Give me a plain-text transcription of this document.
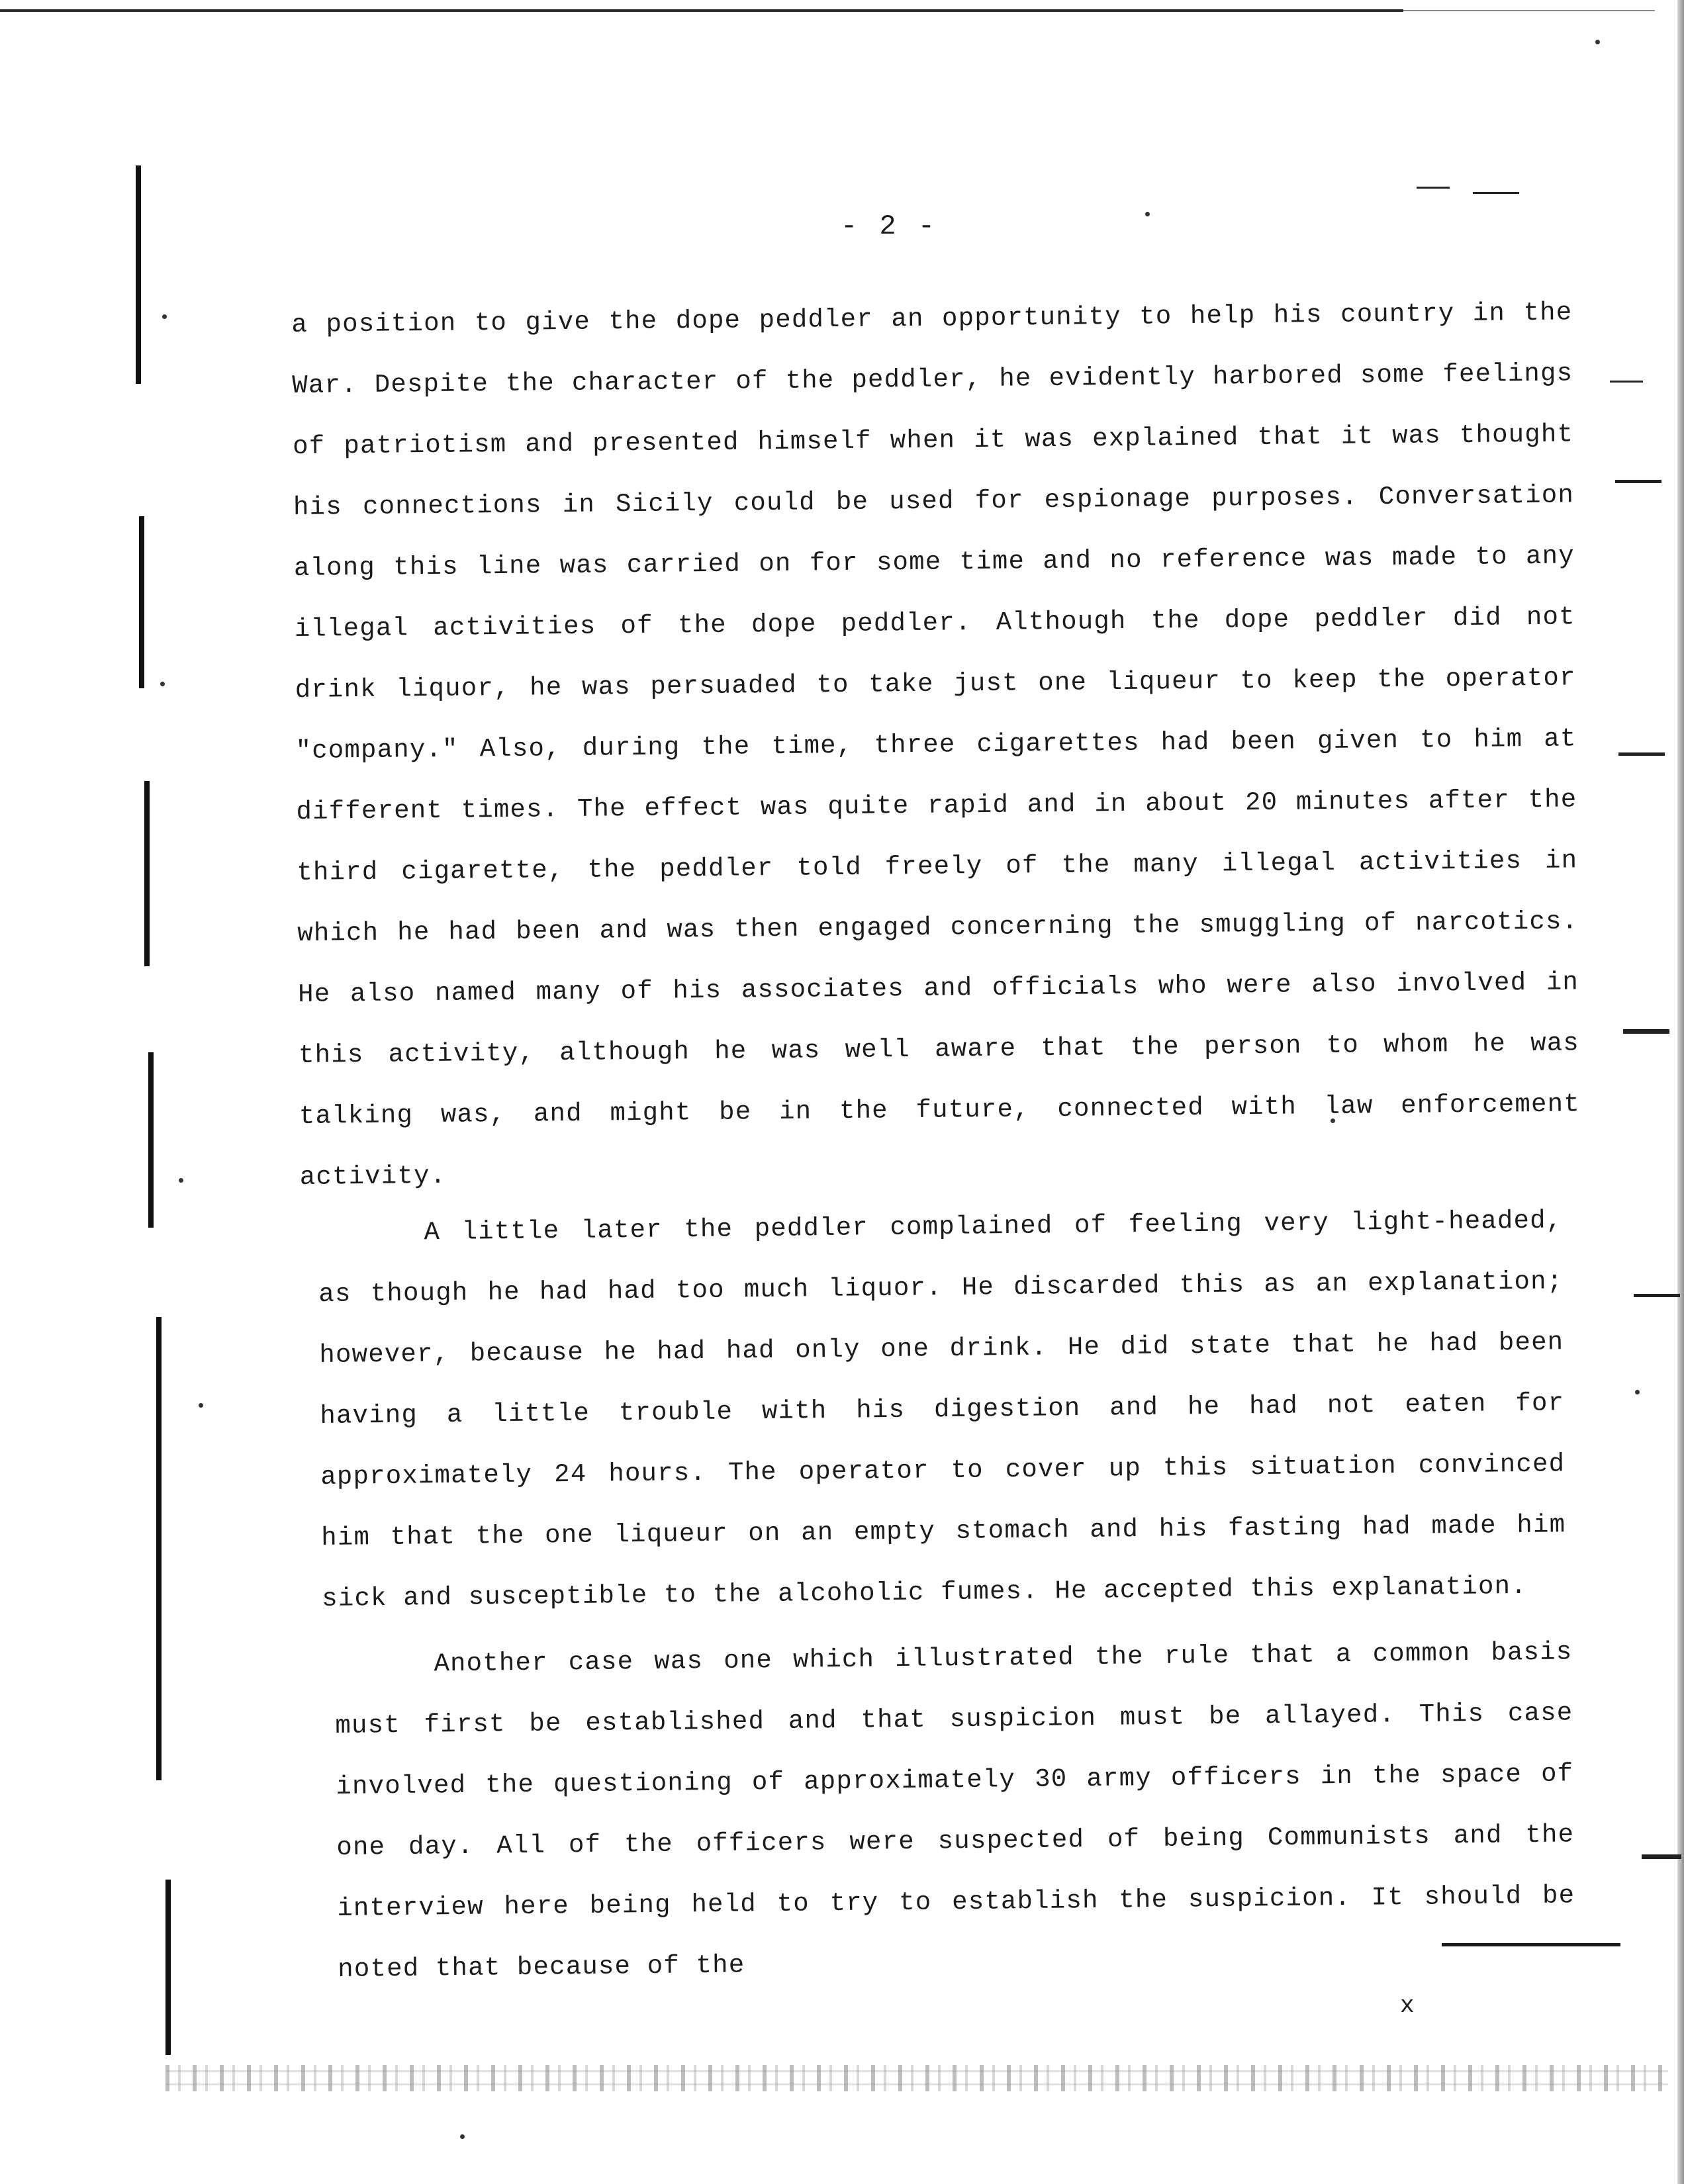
- 2 -

a position to give the dope peddler an opportunity to help his country in the War. Despite the character of the peddler, he evidently harbored some feelings of patriotism and presented himself when it was explained that it was thought his connections in Sicily could be used for espionage purposes. Conversation along this line was carried on for some time and no reference was made to any illegal activities of the dope peddler. Although the dope peddler did not drink liquor, he was persuaded to take just one liqueur to keep the operator "company." Also, during the time, three cigarettes had been given to him at different times. The effect was quite rapid and in about 20 minutes after the third cigarette, the peddler told freely of the many illegal activities in which he had been and was then engaged concerning the smuggling of narcotics. He also named many of his associates and officials who were also involved in this activity, although he was well aware that the person to whom he was talking was, and might be in the future, connected with law enforcement activity.

A little later the peddler complained of feeling very light-headed, as though he had had too much liquor. He discarded this as an explanation; however, because he had had only one drink. He did state that he had been having a little trouble with his digestion and he had not eaten for approximately 24 hours. The operator to cover up this situation convinced him that the one liqueur on an empty stomach and his fasting had made him sick and susceptible to the alcoholic fumes. He accepted this explanation.

Another case was one which illustrated the rule that a common basis must first be established and that suspicion must be allayed. This case involved the questioning of approximately 30 army officers in the space of one day. All of the officers were suspected of being Communists and the interview here being held to try to establish the suspicion. It should be noted that because of the

x
